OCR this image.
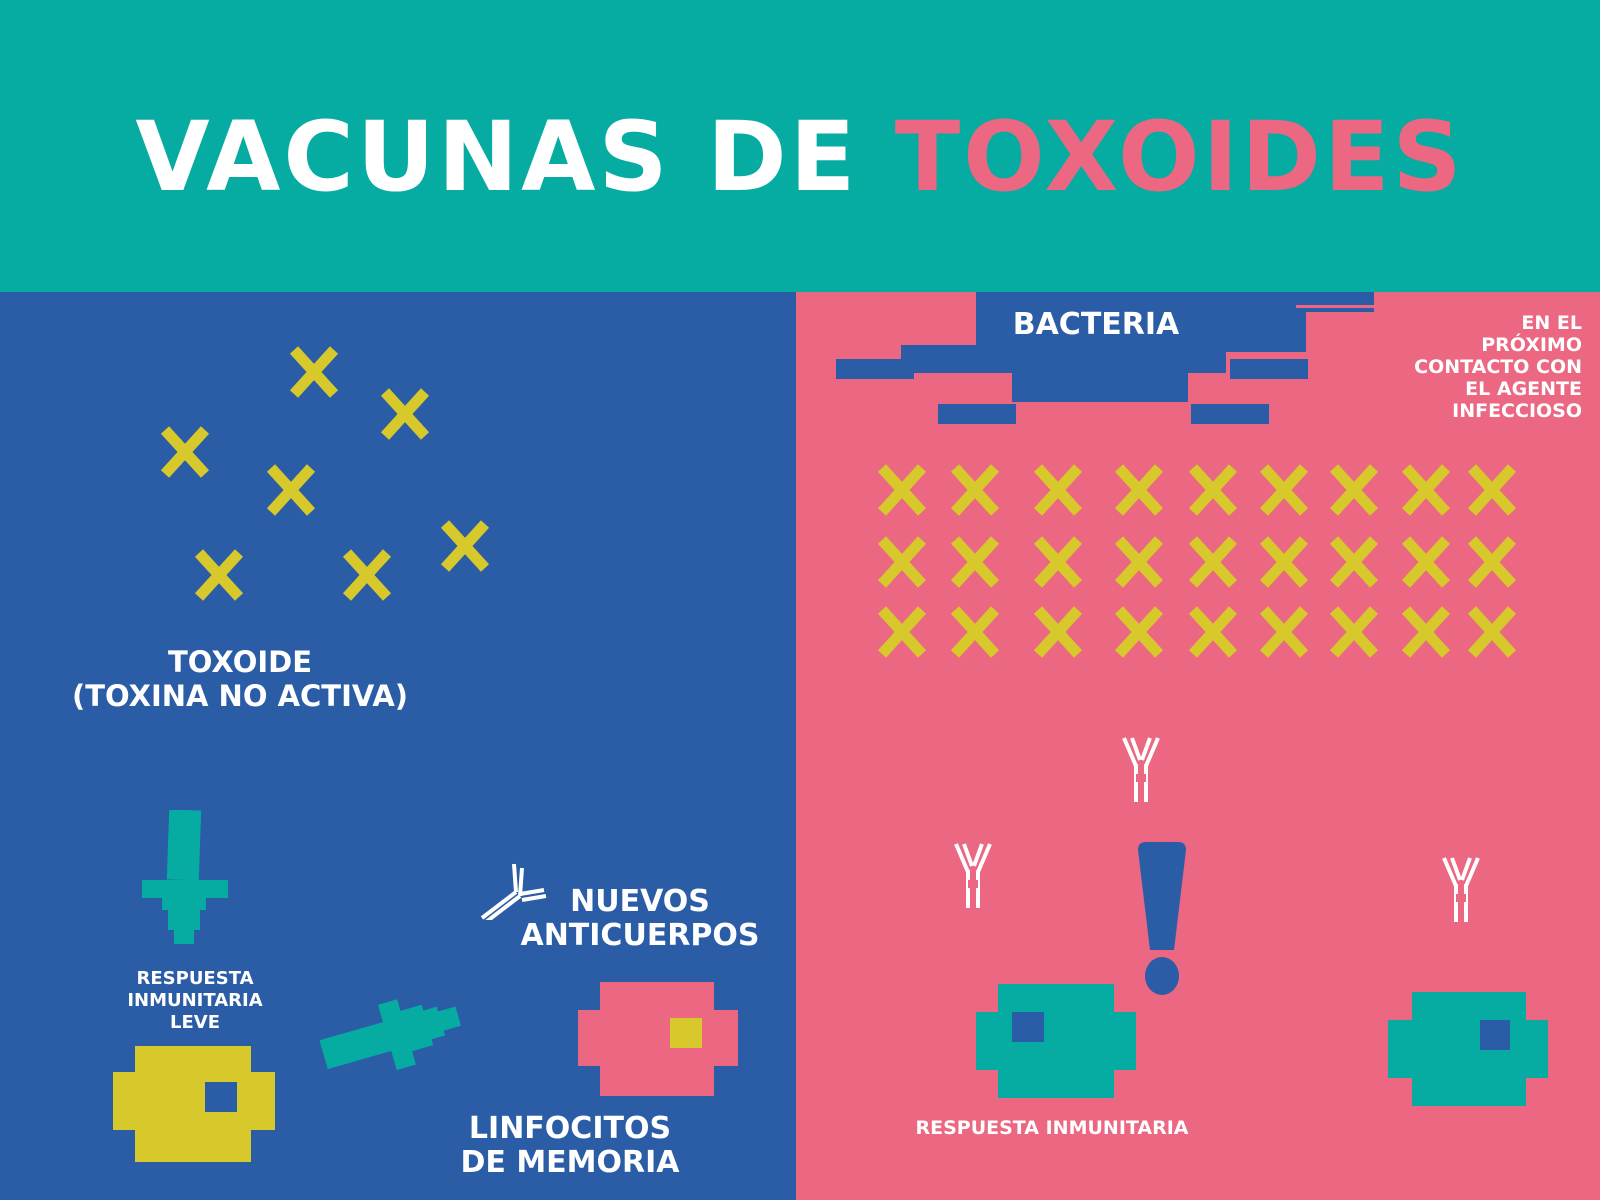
VACUNAS DE TOXOIDES
TOXOIDE
(TOXINA NO ACTIVA)
RESPUESTA
INMUNITARIA
LEVE
NUEVOS
ANTICUERPOS
LINFOCITOS
DE MEMORIA
BACTERIA	EN EL
PRÓXIMO
CONTACTO CON
EL AGENTE
INFECCIOSO
RESPUESTA INMUNITARIA
